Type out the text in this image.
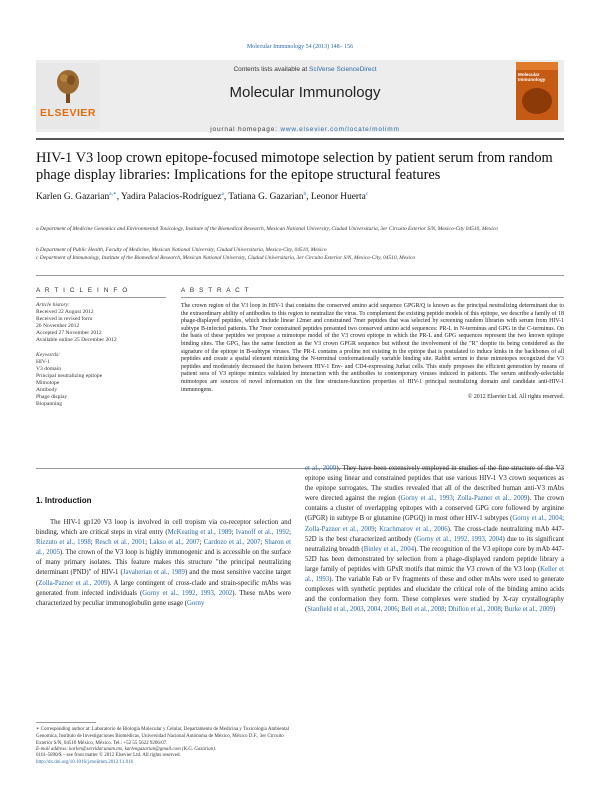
Molecular Immunology 54 (2013) 148– 156
ELSEVIER
Contents lists available at SciVerse ScienceDirect
Molecular Immunology
Molecular Immunology
journal homepage: www.elsevier.com/locate/molimm
HIV-1 V3 loop crown epitope-focused mimotope selection by patient serum from random phage display libraries: Implications for the epitope structural features
Karlen G. Gazarian$^{a,∗}$, Yadira Palacios-Rodríguez$^a$, Tatiana G. Gazarian$^b$, Leonor Huerta$^c$
a Department of Medicine Genomics and Environmental Toxicology, Institute of the Biomedical Research, Mexican National University, Ciudad Universitaria, 3er Circuito Exterior S/N, Mexico-City 04510, Mexico
b Department of Public Health, Faculty of Medicine, Mexican National University, Ciudad Universitaria, Mexico-City, 04510, Mexico
c Department of Immunology, Institute of the Biomedical Research, Mexican National University, Ciudad Universitaria, 3er Circuito Exterior S/N, Mexico-City, 04510, Mexico
A R T I C L E I N F O	A B S T R A C T
Article history:
Received 22 August 2012
Received in revised form
26 November 2012
Accepted 27 November 2012
Available online 25 December 2012
Keywords:
HIV-1
V3 domain
Principal neutralizing epitope
Mimotope
Antibody
Phage display
Biopanning
The crown region of the V3 loop in HIV-1 that contains the conserved amino acid sequence GPGR/Q is known as the principal neutralizing determinant due to the extraordinary ability of antibodies to this region to neutralize the virus. To complement the existing peptide models of this epitope, we describe a family of 18 phage-displayed peptides, which include linear 12mer and constrained 7mer peptides that was selected by screening random libraries with serum from HIV-1 subtype B-infected patients. The 7mer constrained peptides presented two conserved amino acid sequences: PR-L in N-terminus and GPG in the C-terminus. On the basis of these peptides we propose a mimotope model of the V3 crown epitope in which the PR-L and GPG sequences represent the two known epitope binding sites. The GPG, has the same function as the V3 crown GPGR sequence but without the involvement of the "R" despite its being considered as the signature of the epitope in B-subtype viruses. The PR-L contains a proline not existing in the epitope that is postulated to induce kinks in the backbones of all peptides and create a spatial element mimicking the N-terminal conformationally variable binding site. Rabbit serum to these mimotopes recognized the V3 peptides and moderately decreased the fusion between HIV-1 Env- and CD4-expressing Jurkat cells. This study proposes the efficient generation by means of patient sera of V3 epitope mimics validated by interaction with the antibodies to contemporary viruses induced in patients. The serum antibody-selectable mimotopes are sources of novel information on the fine structure-function properties of HIV-1 principal neutralizing domain and candidate anti-HIV-1 immunogens.
© 2012 Elsevier Ltd. All rights reserved.
1. Introduction
The HIV-1 gp120 V3 loop is involved in cell tropism via co-receptor selection and binding, which are critical steps in viral entry (McKeating et al., 1989; Ivanoff et al., 1992; Rizzuto et al., 1998; Resch et al., 2001; Lakso et al., 2007; Cardozo et al., 2007; Sharon et al., 2005). The crown of the V3 loop is highly immunogenic and is accessible on the surface of many primary isolates. This feature makes this structure "the principal neutralizing determinant (PND)" of HIV-1 (Javaherian et al., 1989) and the most sensitive vaccine target (Zolla-Pazner et al., 2009). A large contingent of cross-clade and strain-specific mAbs was generated from infected individuals (Gorny et al., 1992, 1993, 2002). These mAbs were characterized by peculiar immunoglobulin gene usage (Gorny
et al., 2009). They have been extensively employed in studies of the fine structure of the V3 epitope using linear and constrained peptides that use various HIV-1 V3 crown sequences as the epitope surrogates. The studies revealed that all of the described human anti-V3 mAbs were directed against the region (Gorny et al., 1993; Zolla-Pazner et al., 2009). The crown contains a cluster of overlapping epitopes with a conserved GPG core followed by arginine (GPGR) in subtype B or glutamine (GPGQ) in most other HIV-1 subtypes (Gorny et al., 2004; Zolla-Pazner et al., 2009; Krachmarov et al., 2006). The cross-clade neutralizing mAb 447-52D is the best characterized antibody (Gorny et al., 1992, 1993, 2004) due to its significant neutralizing breadth (Binley et al., 2004). The recognition of the V3 epitope core by mAb 447-52D has been demonstrated by selection from a phage-displayed random peptide library a large family of peptides with GPxR motifs that mimic the V3 crown of the V3 loop (Keller et al., 1993). The variable Fab or Fv fragments of these and other mAbs were used to generate complexes with synthetic peptides and elucidate the critical role of the binding amino acids and the conformation they form. These complexes were studied by X-ray crystallography (Stanfield et al., 2003, 2004, 2006; Bell et al., 2008; Dhillon et al., 2008; Burke et al., 2009)
∗ Corresponding author at: Laboratorio de Biología Molecular y Celular, Departamento de Medicina y Toxicología Ambiental Genomica, Instituto de Investigaciones Biomédicas, Universidad Nacional Autónoma de México, México D.F., 3er Circuito Exterior S/N, 04510 México, México. Tel.: +52 55 5622 9206/07.
E-mail address: karlen@servidor.unam.mx, karlengazarian@gmail.com (K.G. Gazarian).
0161-5890/$ – see front matter © 2012 Elsevier Ltd. All rights reserved.
http://dx.doi.org/10.1016/j.molimm.2012.11.016
